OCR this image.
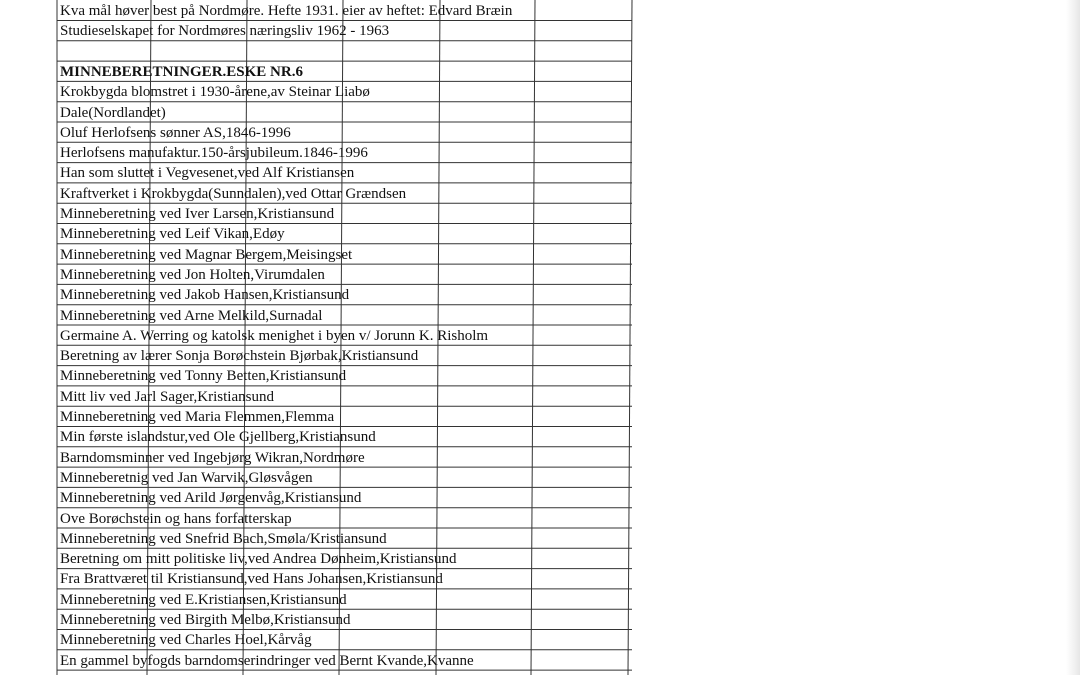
Kva mål høver best på Nordmøre. Hefte 1931. eier av heftet: Edvard Bræin
Studieselskapet for Nordmøres næringsliv 1962 - 1963
MINNEBERETNINGER.ESKE NR.6
Krokbygda blomstret i 1930-årene,av Steinar Liabø
Dale(Nordlandet)
Oluf Herlofsens sønner AS,1846-1996
Herlofsens manufaktur.150-årsjubileum.1846-1996
Han som sluttet i Vegvesenet,ved Alf Kristiansen
Kraftverket i Krokbygda(Sunndalen),ved Ottar Grændsen
Minneberetning ved Iver Larsen,Kristiansund
Minneberetning ved Leif Vikan,Edøy
Minneberetning ved Magnar Bergem,Meisingset
Minneberetning ved Jon Holten,Virumdalen
Minneberetning ved Jakob Hansen,Kristiansund
Minneberetning ved Arne Melkild,Surnadal
Germaine A. Werring og katolsk menighet i byen v/ Jorunn K. Risholm
Beretning av lærer Sonja Borøchstein Bjørbak,Kristiansund
Minneberetning ved Tonny Betten,Kristiansund
Mitt liv ved Jarl Sager,Kristiansund
Minneberetning ved Maria Flemmen,Flemma
Min første islandstur,ved Ole Gjellberg,Kristiansund
Barndomsminner ved Ingebjørg Wikran,Nordmøre
Minneberetnig ved Jan Warvik,Gløsvågen
Minneberetning ved Arild Jørgenvåg,Kristiansund
Ove Borøchstein og hans forfatterskap
Minneberetning ved Snefrid Bach,Smøla/Kristiansund
Beretning om mitt politiske liv,ved Andrea Dønheim,Kristiansund
Fra Brattværet til Kristiansund,ved Hans Johansen,Kristiansund
Minneberetning ved E.Kristiansen,Kristiansund
Minneberetning ved Birgith Melbø,Kristiansund
Minneberetning ved Charles Hoel,Kårvåg
En gammel byfogds barndomserindringer ved Bernt Kvande,Kvanne
